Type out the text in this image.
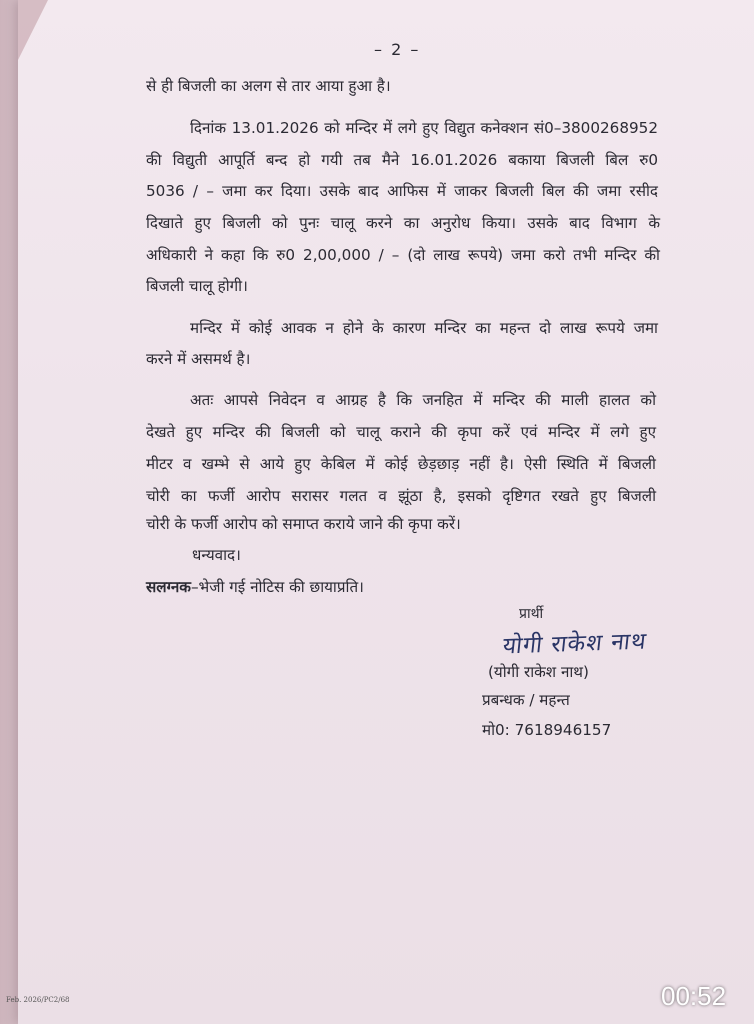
– 2 –
से ही बिजली का अलग से तार आया हुआ है।
दिनांक 13.01.2026 को मन्दिर में लगे हुए विद्युत कनेक्शन सं0–3800268952
की विद्युती आपूर्ति बन्द हो गयी तब मैने 16.01.2026 बकाया बिजली बिल रु0
5036 / – जमा कर दिया। उसके बाद आफिस में जाकर बिजली बिल की जमा रसीद
दिखाते हुए बिजली को पुनः चालू करने का अनुरोध किया। उसके बाद विभाग के
अधिकारी ने कहा कि रु0 2,00,000 / – (दो लाख रूपये) जमा करो तभी मन्दिर की
बिजली चालू होगी।
मन्दिर में कोई आवक न होने के कारण मन्दिर का महन्त दो लाख रूपये जमा
करने में असमर्थ है।
अतः आपसे निवेदन व आग्रह है कि जनहित में मन्दिर की माली हालत को
देखते हुए मन्दिर की बिजली को चालू कराने की कृपा करें एवं मन्दिर में लगे हुए
मीटर व खम्भे से आये हुए केबिल में कोई छेड़छाड़ नहीं है। ऐसी स्थिति में बिजली
चोरी का फर्जी आरोप सरासर गलत व झूंठा है, इसको दृष्टिगत रखते हुए बिजली
चोरी के फर्जी आरोप को समाप्त कराये जाने की कृपा करें।
धन्यवाद।
सलग्नक–भेजी गई नोटिस की छायाप्रति।
प्रार्थी
योगी राकेश नाथ
(योगी राकेश नाथ)
प्रबन्धक / महन्त
मो0: 7618946157
Feb. 2026/PC2/68	00:52
